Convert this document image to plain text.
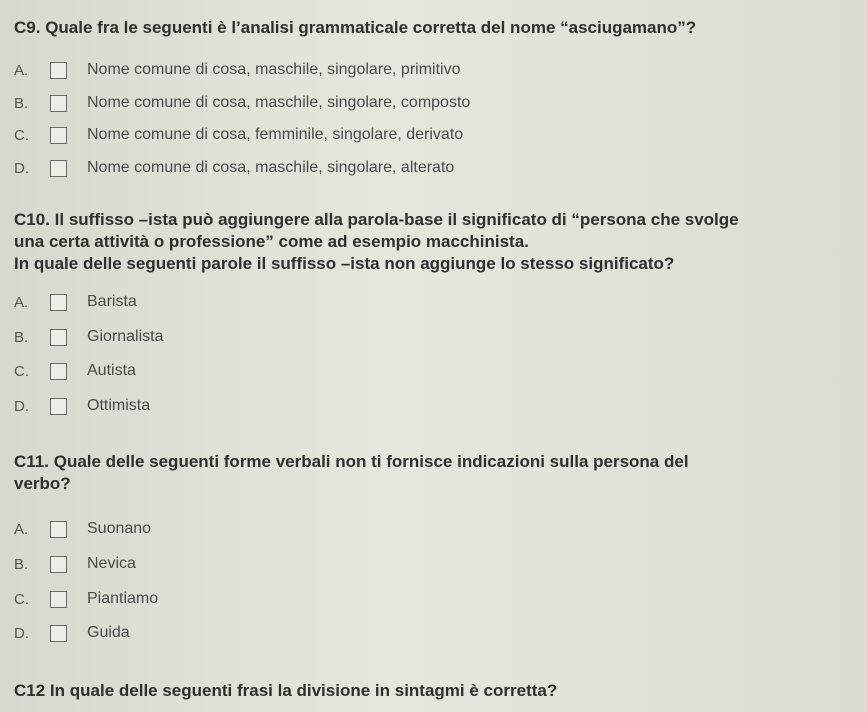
C9. Quale fra le seguenti è l’analisi grammaticale corretta del nome “asciugamano”?

A.	Nome comune di cosa, maschile, singolare, primitivo
B.	Nome comune di cosa, maschile, singolare, composto
C.	Nome comune di cosa, femminile, singolare, derivato
D.	Nome comune di cosa, maschile, singolare, alterato

C10. Il suffisso –ista può aggiungere alla parola-base il significato di “persona che svolge
una certa attività o professione” come ad esempio macchinista.
In quale delle seguenti parole il suffisso –ista non aggiunge lo stesso significato?

A.	Barista
B.	Giornalista
C.	Autista
D.	Ottimista

C11. Quale delle seguenti forme verbali non ti fornisce indicazioni sulla persona del
verbo?

A.	Suonano
B.	Nevica
C.	Piantiamo
D.	Guida

C12 In quale delle seguenti frasi la divisione in sintagmi è corretta?
